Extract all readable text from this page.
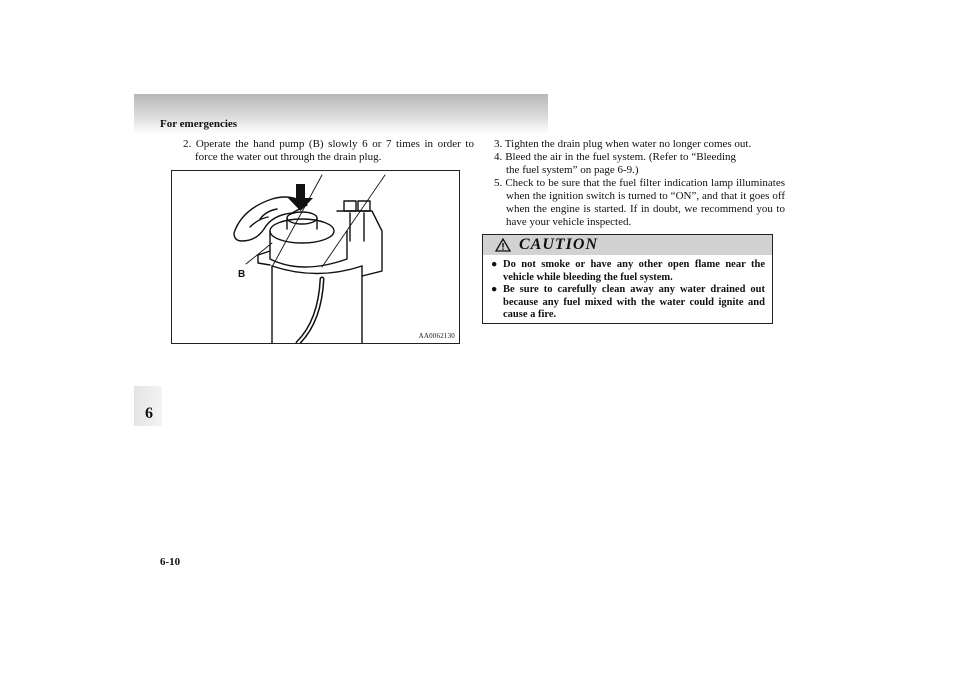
For emergencies
6

2. Operate the hand pump (B) slowly 6 or 7 times in order to force the water out through the drain plug.

B
AA0062130

3. Tighten the drain plug when water no longer comes out.

4. Bleed the air in the fuel system. (Refer to “Bleeding the fuel system” on page 6-9.)

5. Check to be sure that the fuel filter indication lamp illuminates when the ignition switch is turned to “ON”, and that it goes off when the engine is started. If in doubt, we recommend you to have your vehicle inspected.

CAUTION
● Do not smoke or have any other open flame near the vehicle while bleeding the fuel system.
● Be sure to carefully clean away any water drained out because any fuel mixed with the water could ignite and cause a fire.
6-10
